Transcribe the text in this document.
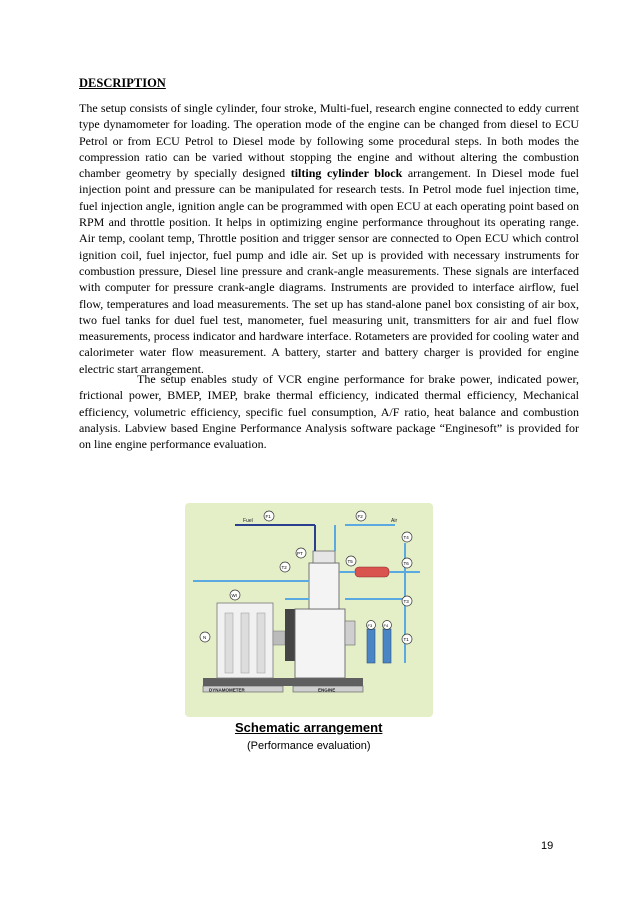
DESCRIPTION

The setup consists of single cylinder, four stroke, Multi-fuel, research engine connected to eddy current type dynamometer for loading. The operation mode of the engine can be changed from diesel to ECU Petrol or from ECU Petrol to Diesel mode by following some procedural steps. In both modes the compression ratio can be varied without stopping the engine and without altering the combustion chamber geometry by specially designed tilting cylinder block arrangement. In Diesel mode fuel injection point and pressure can be manipulated for research tests. In Petrol mode fuel injection time, fuel injection angle, ignition angle can be programmed with open ECU at each operating point based on RPM and throttle position. It helps in optimizing engine performance throughout its operating range. Air temp, coolant temp, Throttle position and trigger sensor are connected to Open ECU which control ignition coil, fuel injector, fuel pump and idle air. Set up is provided with necessary instruments for combustion pressure, Diesel line pressure and crank-angle measurements. These signals are interfaced with computer for pressure crank-angle diagrams. Instruments are provided to interface airflow, fuel flow, temperatures and load measurements. The set up has stand-alone panel box consisting of air box, two fuel tanks for duel fuel test, manometer, fuel measuring unit, transmitters for air and fuel flow measurements, process indicator and hardware interface. Rotameters are provided for cooling water and calorimeter water flow measurement. A battery, starter and battery charger is provided for engine electric start arrangement.

The setup enables study of VCR engine performance for brake power, indicated power, frictional power, BMEP, IMEP, brake thermal efficiency, indicated thermal efficiency, Mechanical efficiency, volumetric efficiency, specific fuel consumption, A/F ratio, heat balance and combustion analysis. Labview based Engine Performance Analysis software package “Enginesoft” is provided for on line engine performance evaluation.

DYNAMOMETER	ENGINE
Fuel	Air
F1	F2
PT
T2
T5
T4
T6
T3
T1
F3	F4
WI
N

Schematic arrangement

(Performance evaluation)

19
